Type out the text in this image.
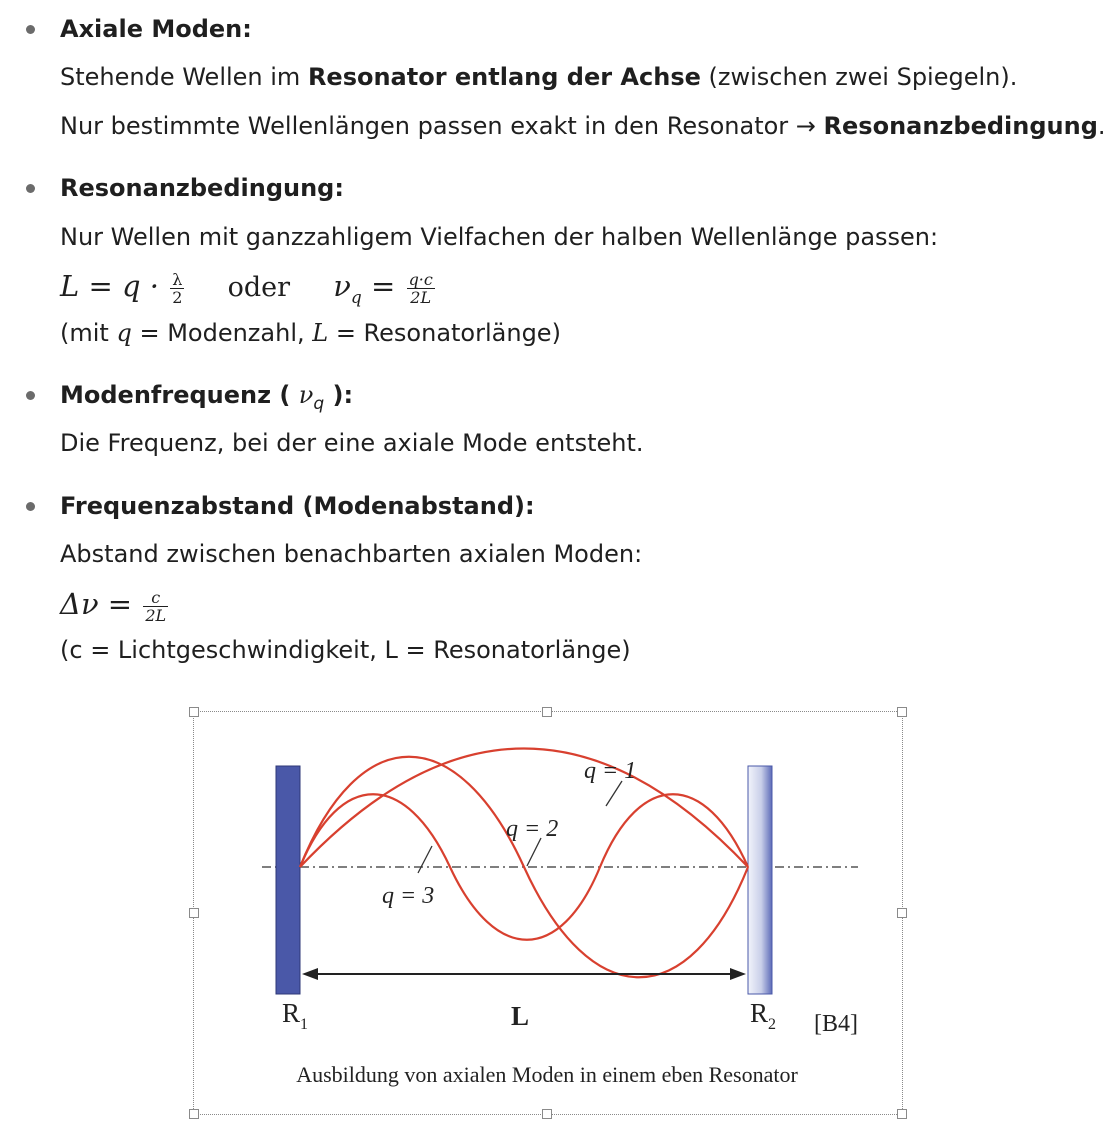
Axiale Moden:
Stehende Wellen im Resonator entlang der Achse (zwischen zwei Spiegeln).
Nur bestimmte Wellenlängen passen exakt in den Resonator → Resonanzbedingung.
Resonanzbedingung:
Nur Wellen mit ganzzahligem Vielfachen der halben Wellenlänge passen:
$L = q \cdot \frac{\lambda}{2}$ oder $\nu_q = \frac{q\cdot c}{2L}$
(mit q = Modenzahl, L = Resonatorlänge)
Modenfrequenz ( $\nu_q$ ):
Die Frequenz, bei der eine axiale Mode entsteht.
Frequenzabstand (Modenabstand):
Abstand zwischen benachbarten axialen Moden:
$\Delta\nu = \frac{c}{2L}$
(c = Lichtgeschwindigkeit, L = Resonatorlänge)
q = 1
q = 2
q = 3
$R_1$	L	$R_2$ [B4]
Ausbildung von axialen Moden in einem eben Resonator
